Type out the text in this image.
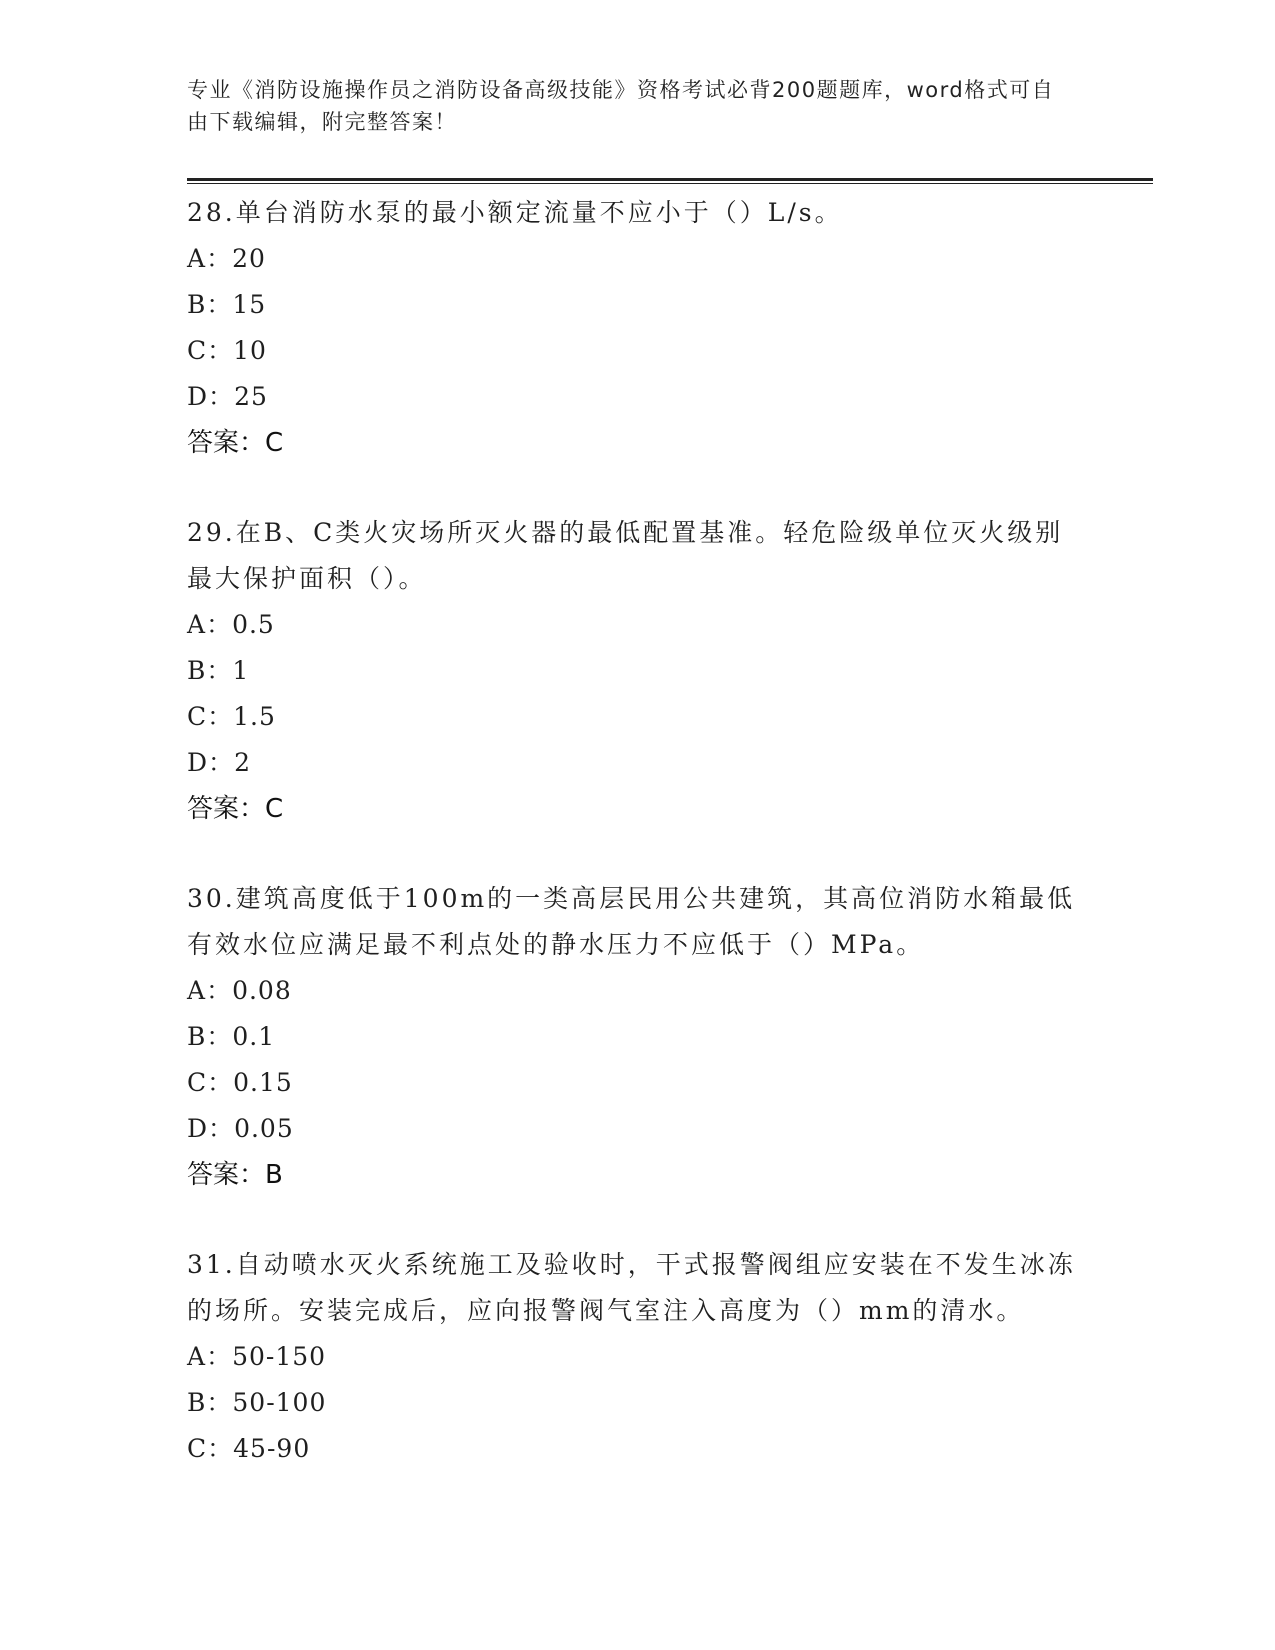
专业《消防设施操作员之消防设备高级技能》资格考试必背200题题库，word格式可自由下载编辑，附完整答案！
28.单台消防水泵的最小额定流量不应小于（）L/s。
A：20
B：15
C：10
D：25
答案：C
29.在B、C类火灾场所灭火器的最低配置基准。轻危险级单位灭火级别最大保护面积（）。
A：0.5
B：1
C：1.5
D：2
答案：C
30.建筑高度低于100m的一类高层民用公共建筑，其高位消防水箱最低有效水位应满足最不利点处的静水压力不应低于（）MPa。
A：0.08
B：0.1
C：0.15
D：0.05
答案：B
31.自动喷水灭火系统施工及验收时，干式报警阀组应安装在不发生冰冻的场所。安装完成后，应向报警阀气室注入高度为（）mm的清水。
A：50-150
B：50-100
C：45-90
